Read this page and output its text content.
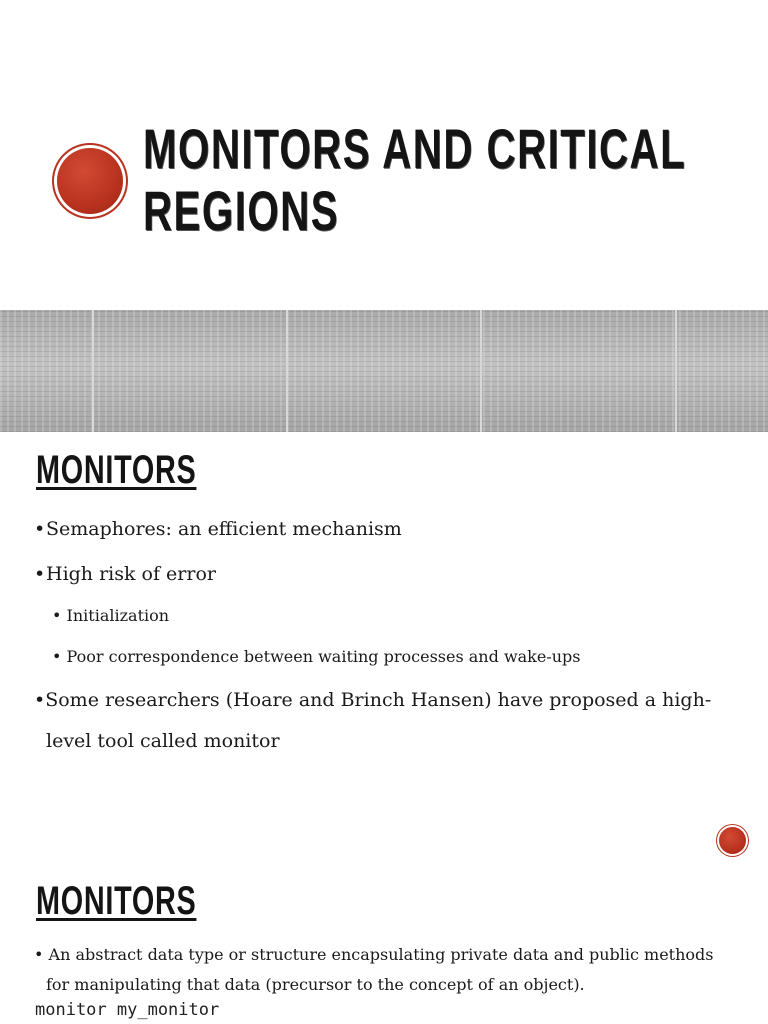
MONITORS AND CRITICAL
REGIONS
MONITORS
•Semaphores: an efficient mechanism
•High risk of error
• Initialization
• Poor correspondence between waiting processes and wake-ups
•Some researchers (Hoare and Brinch Hansen) have proposed a high-
level tool called monitor
MONITORS
• An abstract data type or structure encapsulating private data and public methods
for manipulating that data (precursor to the concept of an object).
monitor my_monitor
